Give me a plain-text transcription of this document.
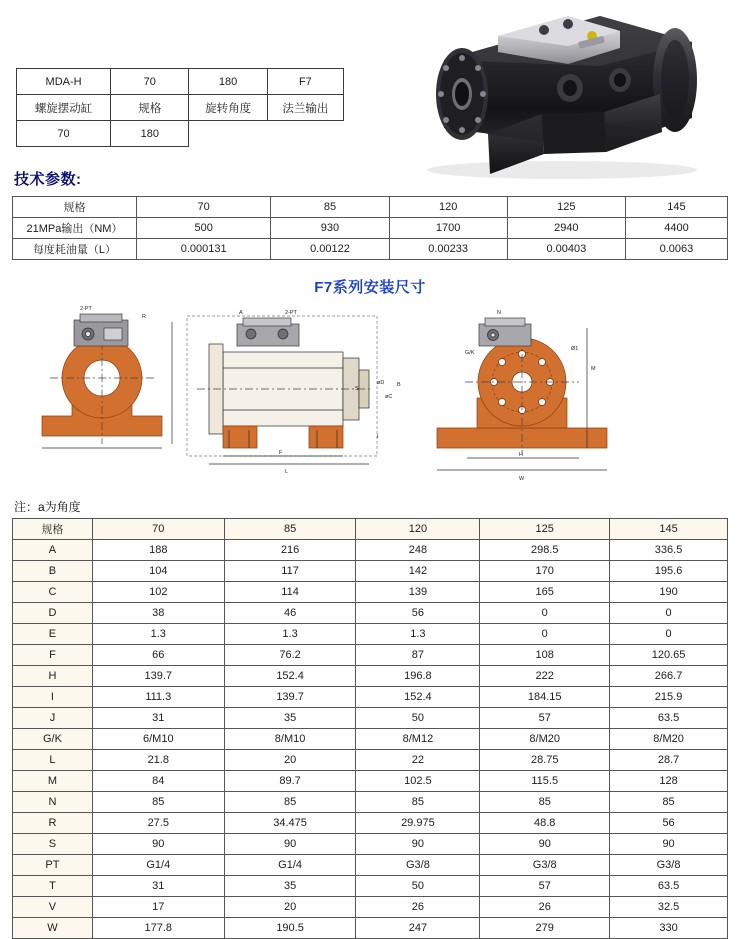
MDA-H	70	180	F7
螺旋摆动缸	规格	旋转角度	法兰输出
70	180		
技术参数:
规格	70	85	120	125	145
21MPa输出（NM）	500	930	1700	2940	4400
每度耗油量（L）	0.000131	0.00122	0.00233	0.00403	0.0063
F7系列安装尺寸
2-PT
R
A	2-PT
L
F
S
øD
øC
N
G/K
Ø1
M
H
W
B
I
注：a为角度
规格	70	85	120	125	145
A	188	216	248	298.5	336.5
B	104	117	142	170	195.6
C	102	114	139	165	190
D	38	46	56	0	0
E	1.3	1.3	1.3	0	0
F	66	76.2	87	108	120.65
H	139.7	152.4	196.8	222	266.7
I	111.3	139.7	152.4	184.15	215.9
J	31	35	50	57	63.5
G/K	6/M10	8/M10	8/M12	8/M20	8/M20
L	21.8	20	22	28.75	28.7
M	84	89.7	102.5	115.5	128
N	85	85	85	85	85
R	27.5	34.475	29.975	48.8	56
S	90	90	90	90	90
PT	G1/4	G1/4	G3/8	G3/8	G3/8
T	31	35	50	57	63.5
V	17	20	26	26	32.5
W	177.8	190.5	247	279	330
